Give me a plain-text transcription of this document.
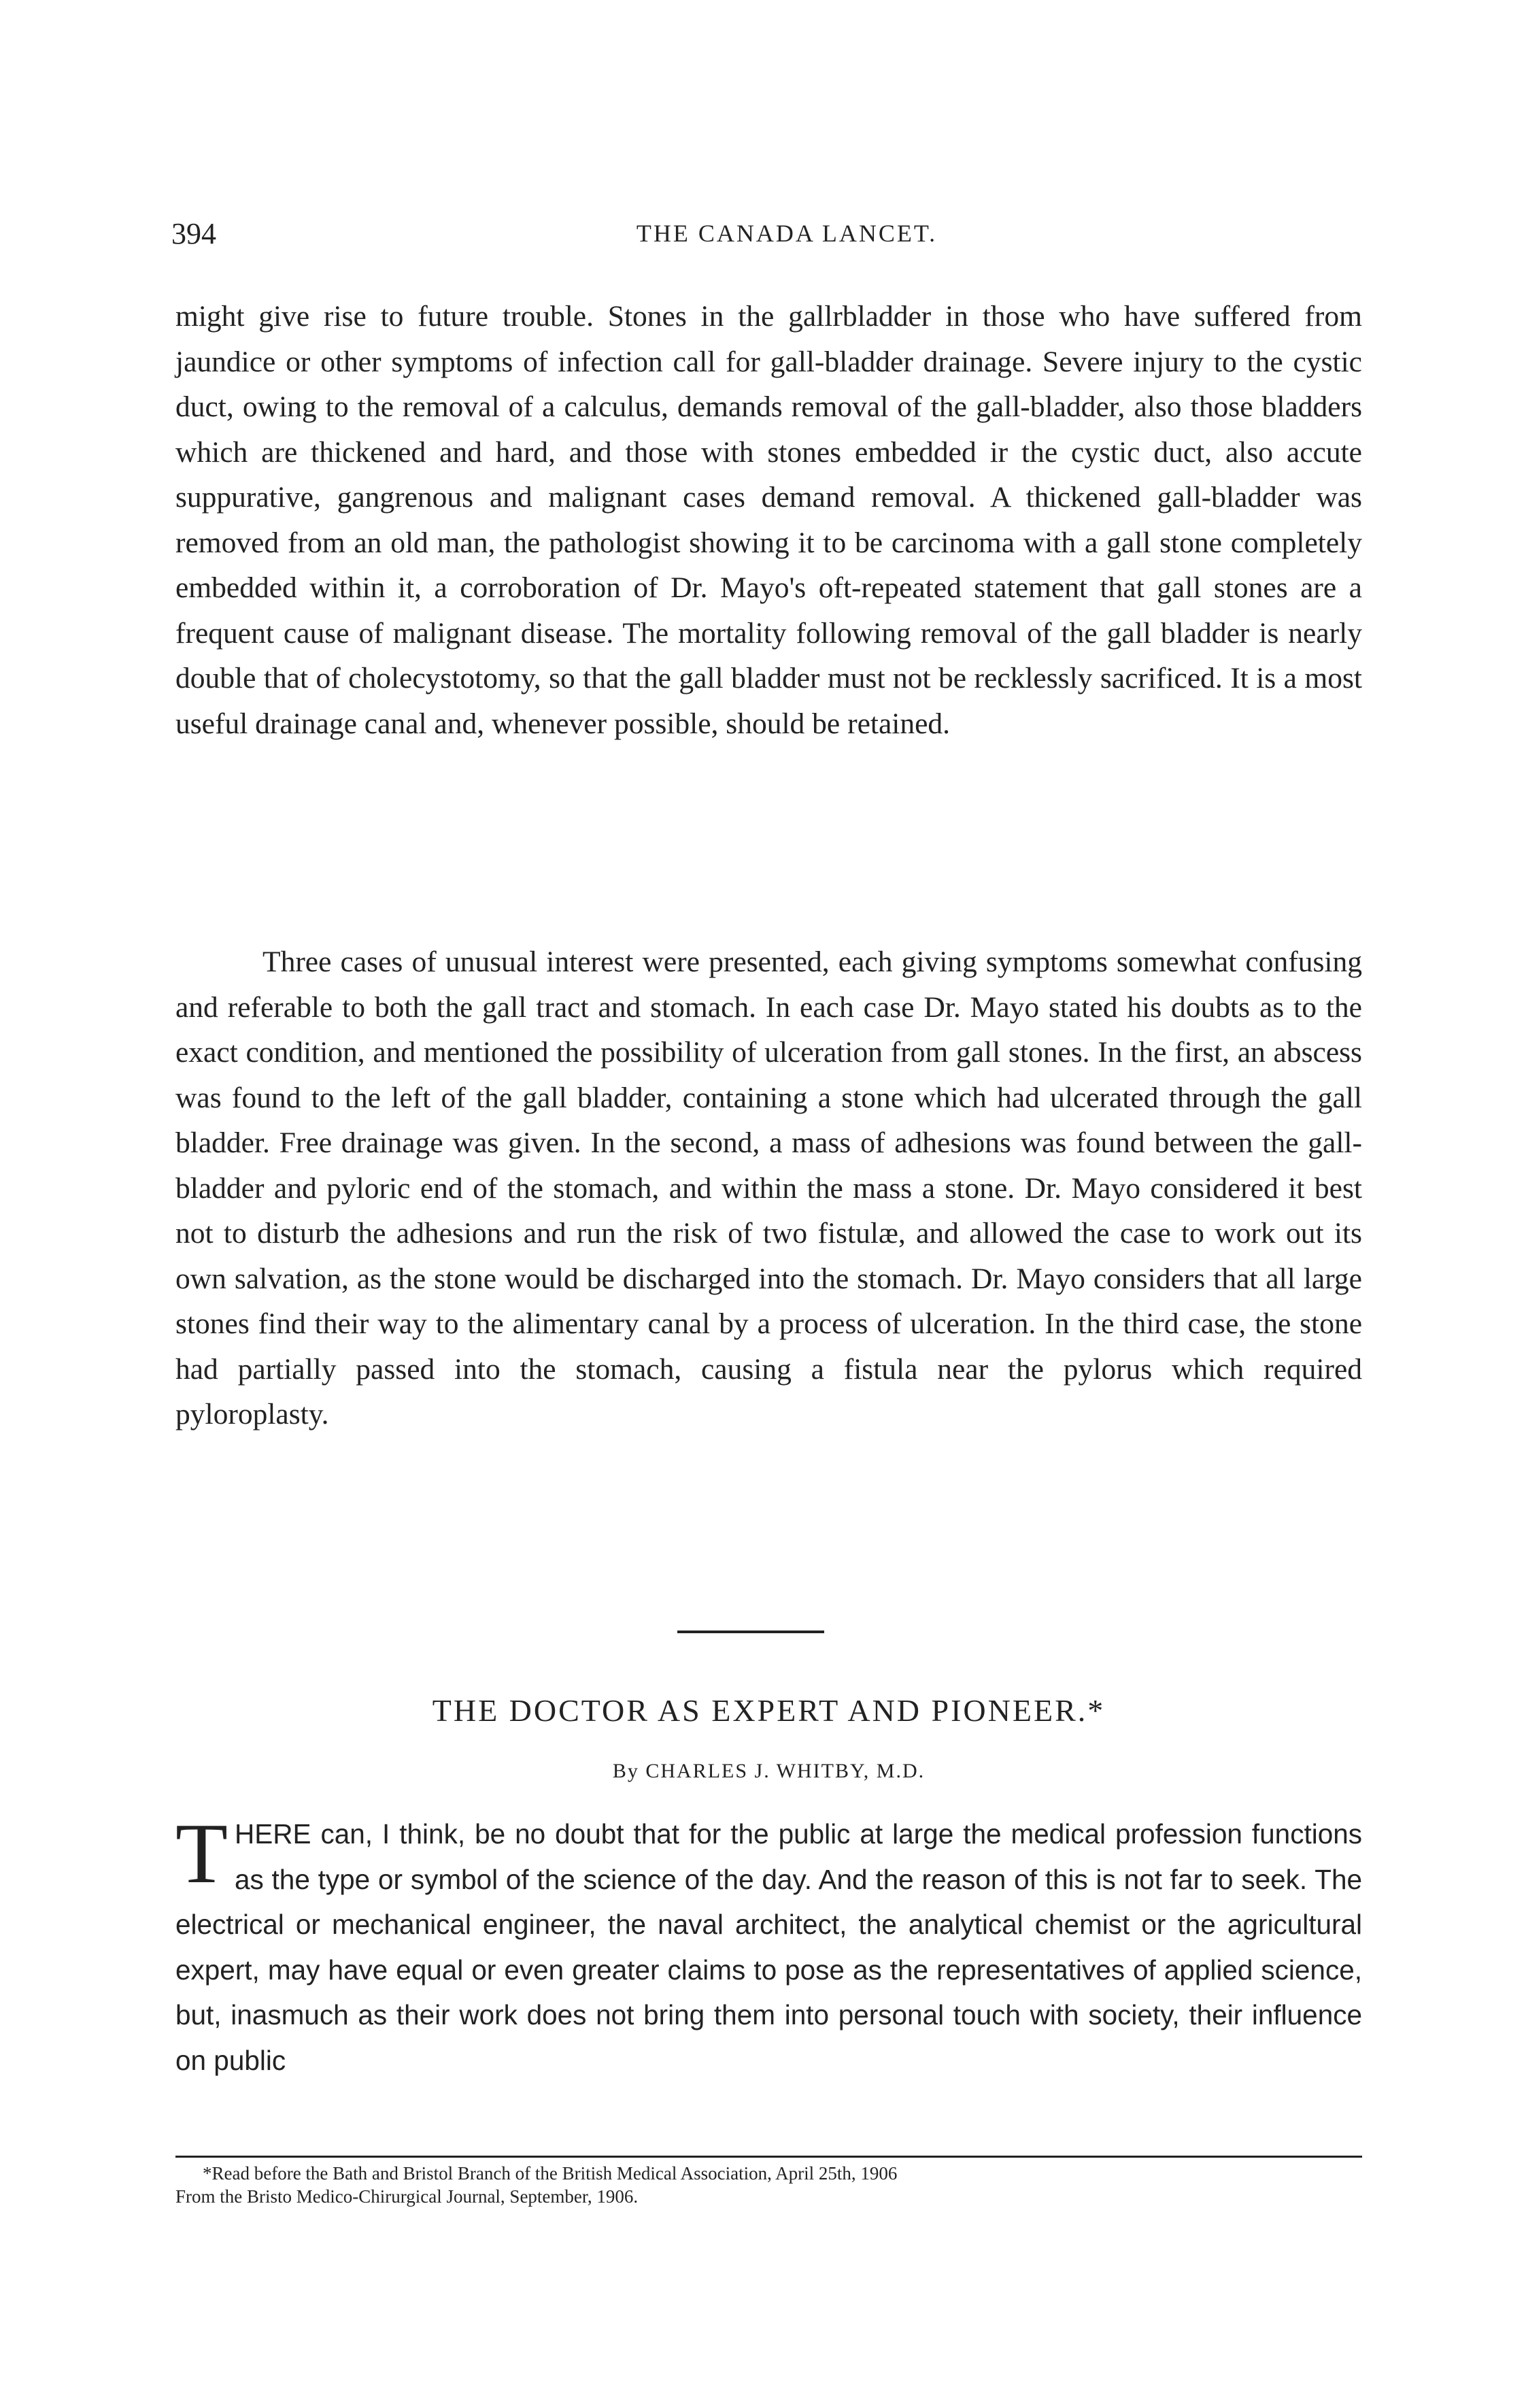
394	THE CANADA LANCET.

might give rise to future trouble. Stones in the gallrbladder in those who have suffered from jaundice or other symptoms of infection call for gall-bladder drainage. Severe injury to the cystic duct, owing to the removal of a calculus, demands removal of the gall-bladder, also those bladders which are thickened and hard, and those with stones embedded ir the cystic duct, also accute suppurative, gangrenous and malignant cases demand removal. A thickened gall-bladder was removed from an old man, the pathologist showing it to be carcinoma with a gall stone completely embedded within it, a corroboration of Dr. Mayo's oft-repeated statement that gall stones are a frequent cause of malignant disease. The mortality following removal of the gall bladder is nearly double that of cholecystotomy, so that the gall bladder must not be recklessly sacrificed. It is a most useful drainage canal and, whenever possible, should be retained.

Three cases of unusual interest were presented, each giving symptoms somewhat confusing and referable to both the gall tract and stomach. In each case Dr. Mayo stated his doubts as to the exact condition, and mentioned the possibility of ulceration from gall stones. In the first, an abscess was found to the left of the gall bladder, containing a stone which had ulcerated through the gall bladder. Free drainage was given. In the second, a mass of adhesions was found between the gall-bladder and pyloric end of the stomach, and within the mass a stone. Dr. Mayo considered it best not to disturb the adhesions and run the risk of two fistulæ, and allowed the case to work out its own salvation, as the stone would be discharged into the stomach. Dr. Mayo considers that all large stones find their way to the alimentary canal by a process of ulceration. In the third case, the stone had partially passed into the stomach, causing a fistula near the pylorus which required pyloroplasty.

THE DOCTOR AS EXPERT AND PIONEER.*
By CHARLES J. WHITBY, M.D.
T HERE can, I think, be no doubt that for the public at large the medical profession functions as the type or symbol of the science of the day. And the reason of this is not far to seek. The electrical or mechanical engineer, the naval architect, the analytical chemist or the agricultural expert, may have equal or even greater claims to pose as the representatives of applied science, but, inasmuch as their work does not bring them into personal touch with society, their influence on public
*Read before the Bath and Bristol Branch of the British Medical Association, April 25th, 1906
From the Bristo Medico-Chirurgical Journal, September, 1906.
